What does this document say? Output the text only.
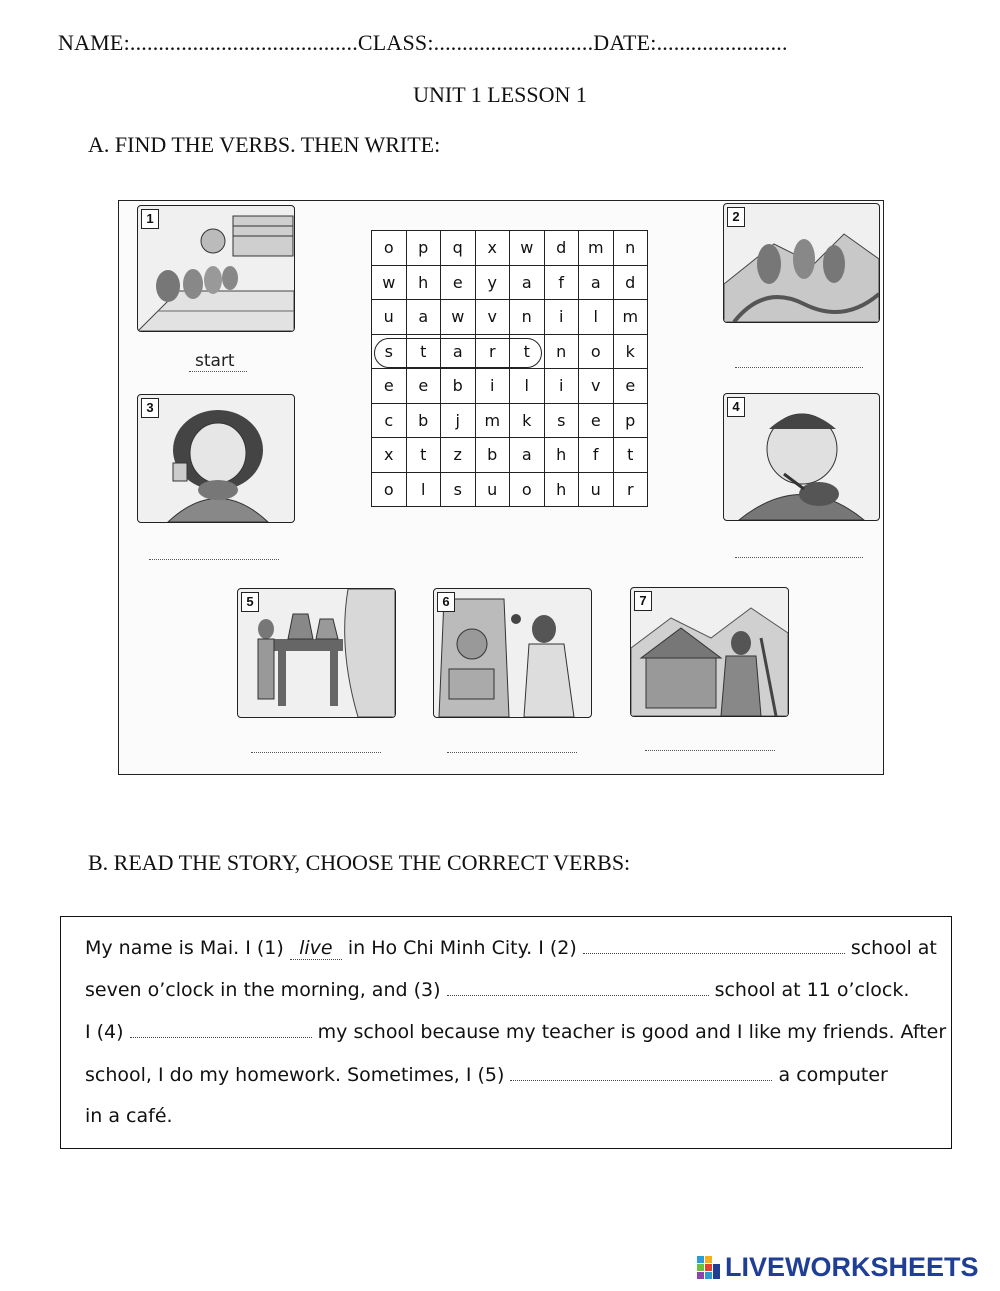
NAME:........................................CLASS:............................DATE:.......................
UNIT 1 LESSON 1
A. FIND THE VERBS. THEN WRITE:
1
start
2
3	4
5	6	7
o	p	q	x	w	d	m	n
w	h	e	y	a	f	a	d
u	a	w	v	n	i	l	m
s	t	a	r	t	n	o	k
e	e	b	i	l	i	v	e
c	b	j	m	k	s	e	p
x	t	z	b	a	h	f	t
o	l	s	u	o	h	u	r
B. READ THE STORY, CHOOSE THE CORRECT VERBS:
My name is Mai. I (1) live in Ho Chi Minh City. I (2)	school at
seven o’clock in the morning, and (3)	school at 11 o’clock.
I (4)	my school because my teacher is good and I like my friends. After
school, I do my homework. Sometimes, I (5)	a computer
in a café.
LIVEWORKSHEETS
